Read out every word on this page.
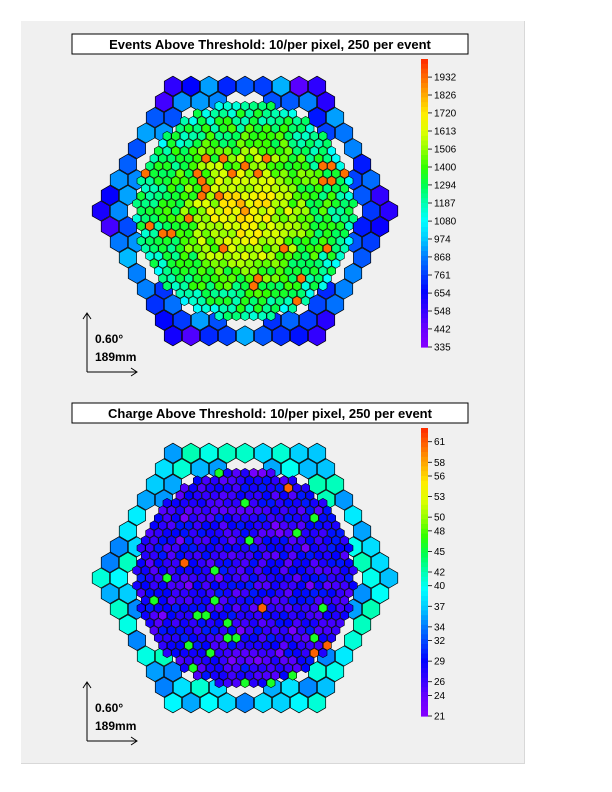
Events Above Threshold: 10/per pixel, 250 per event
1932
1826
1720
1613
1506
1400
1294
1187
1080
974
868
761
654
548
442
335
0.60°
189mm
Charge Above Threshold: 10/per pixel, 250 per event
61
58
56
53
50
48
45
42
40
37
34
32
29
26
24
21
0.60°
189mm
